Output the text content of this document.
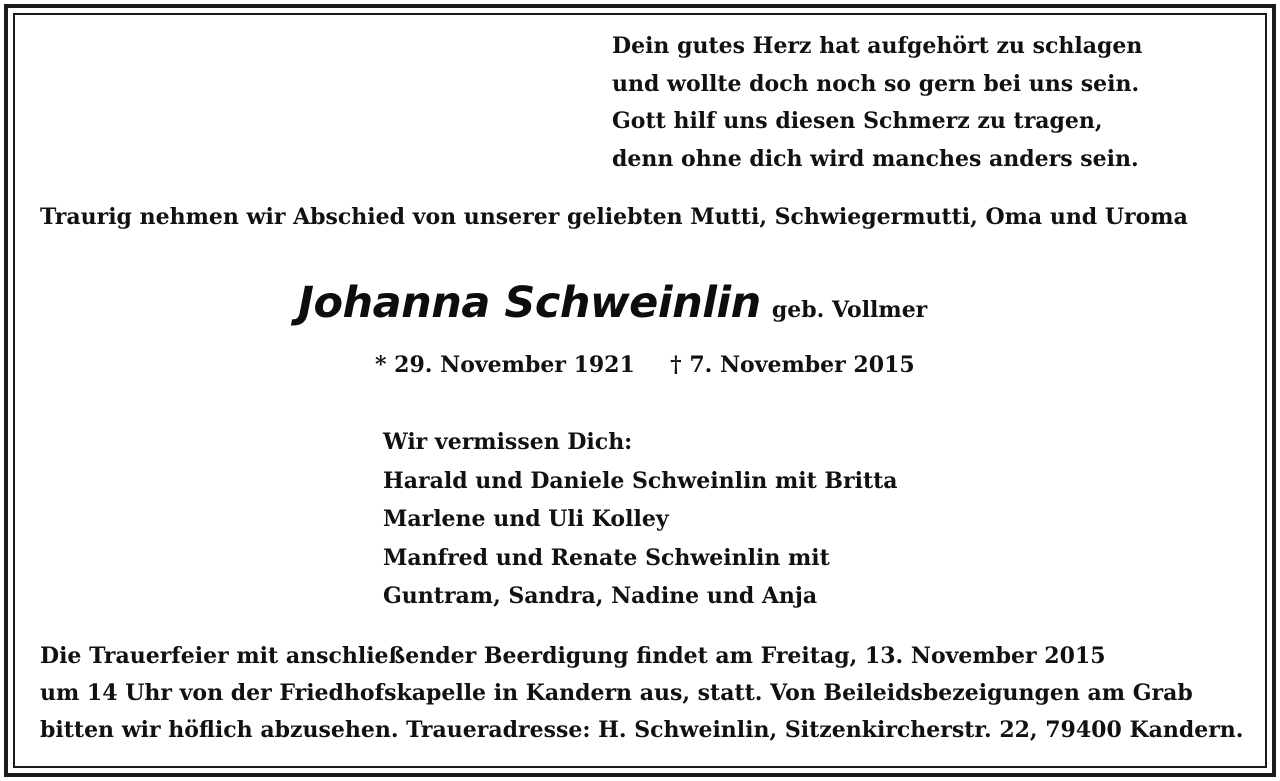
Dein gutes Herz hat aufgehört zu schlagen
und wollte doch noch so gern bei uns sein.
Gott hilf uns diesen Schmerz zu tragen,
denn ohne dich wird manches anders sein.
Traurig nehmen wir Abschied von unserer geliebten Mutti, Schwiegermutti, Oma und Uroma
Johanna Schweinlin geb. Vollmer
* 29. November 1921 † 7. November 2015
Wir vermissen Dich:
Harald und Daniele Schweinlin mit Britta
Marlene und Uli Kolley
Manfred und Renate Schweinlin mit
Guntram, Sandra, Nadine und Anja
Die Trauerfeier mit anschließender Beerdigung findet am Freitag, 13. November 2015
um 14 Uhr von der Friedhofskapelle in Kandern aus, statt. Von Beileidsbezeigungen am Grab
bitten wir höflich abzusehen. Traueradresse: H. Schweinlin, Sitzenkircherstr. 22, 79400 Kandern.
